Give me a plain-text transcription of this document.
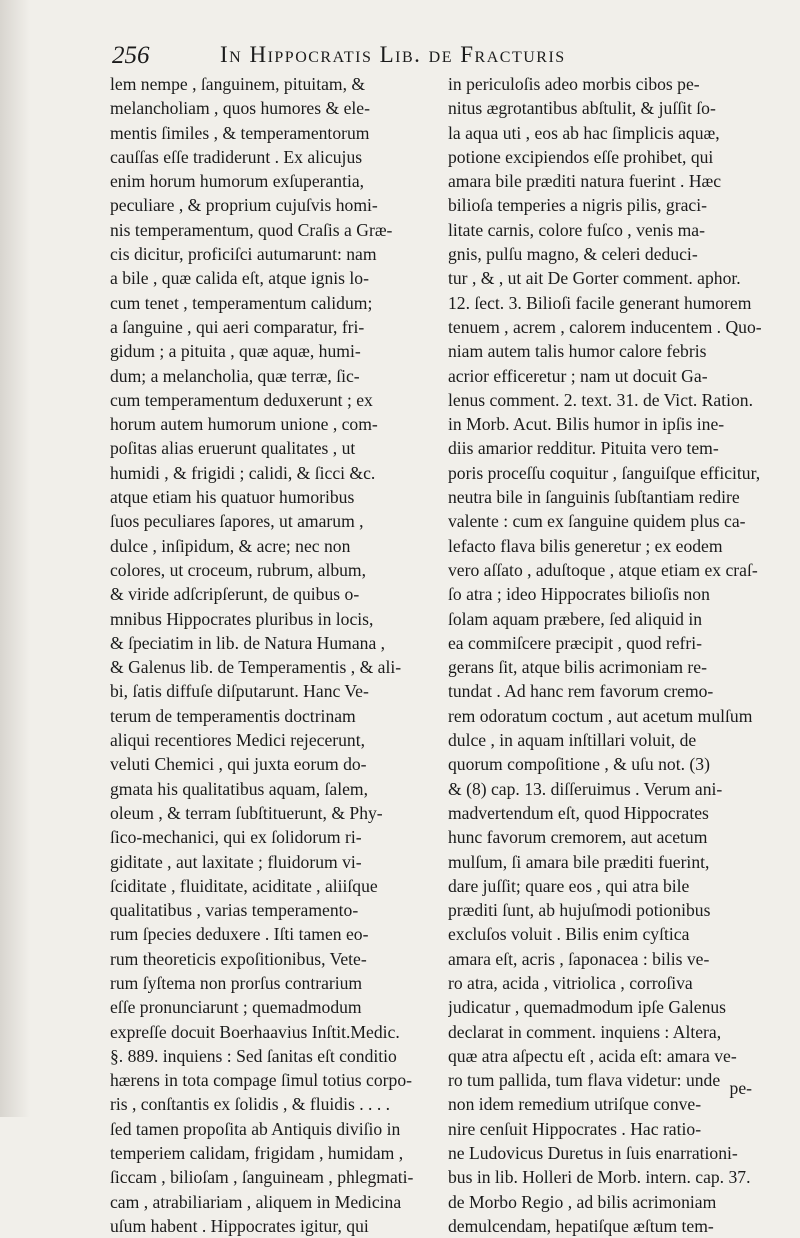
256	In Hippocratis Lib. de Fracturis
lem nempe , ſanguinem, pituitam, &
melancholiam , quos humores & ele-
mentis ſimiles , & temperamentorum
cauſſas eſſe tradiderunt . Ex alicujus
enim horum humorum exſuperantia,
peculiare , & proprium cujuſvis homi-
nis temperamentum, quod Craſis a Græ-
cis dicitur, proficiſci autumarunt: nam
a bile , quæ calida eſt, atque ignis lo-
cum tenet , temperamentum calidum;
a ſanguine , qui aeri comparatur, fri-
gidum ; a pituita , quæ aquæ, humi-
dum; a melancholia, quæ terræ, ſic-
cum temperamentum deduxerunt ; ex
horum autem humorum unione , com-
poſitas alias eruerunt qualitates , ut
humidi , & frigidi ; calidi, & ſicci &c.
atque etiam his quatuor humoribus
ſuos peculiares ſapores, ut amarum ,
dulce , inſipidum, & acre; nec non
colores, ut croceum, rubrum, album,
& viride adſcripſerunt, de quibus o-
mnibus Hippocrates pluribus in locis,
& ſpeciatim in lib. de Natura Humana ,
& Galenus lib. de Temperamentis , & ali-
bi, ſatis diffuſe diſputarunt. Hanc Ve-
terum de temperamentis doctrinam
aliqui recentiores Medici rejecerunt,
veluti Chemici , qui juxta eorum do-
gmata his qualitatibus aquam, ſalem,
oleum , & terram ſubſtituerunt, & Phy-
ſico-mechanici, qui ex ſolidorum ri-
giditate , aut laxitate ; fluidorum vi-
ſciditate , fluiditate, aciditate , aliiſque
qualitatibus , varias temperamento-
rum ſpecies deduxere . Iſti tamen eo-
rum theoreticis expoſitionibus, Vete-
rum ſyſtema non prorſus contrarium
eſſe pronunciarunt ; quemadmodum
expreſſe docuit Boerhaavius Inſtit.Medic.
§. 889. inquiens : Sed ſanitas eſt conditio
hærens in tota compage ſimul totius corpo-
ris , conſtantis ex ſolidis , & fluidis . . . .
ſed tamen propoſita ab Antiquis diviſio in
temperiem calidam, frigidam , humidam ,
ſiccam , bilioſam , ſanguineam , phlegmati-
cam , atrabiliariam , aliquem in Medicina
uſum habent . Hippocrates igitur, qui
in periculoſis adeo morbis cibos pe-
nitus ægrotantibus abſtulit, & juſſit ſo-
la aqua uti , eos ab hac ſimplicis aquæ,
potione excipiendos eſſe prohibet, qui
amara bile præditi natura fuerint . Hæc
bilioſa temperies a nigris pilis, graci-
litate carnis, colore fuſco , venis ma-
gnis, pulſu magno, & celeri deduci-
tur , & , ut ait De Gorter comment. aphor.
12. ſect. 3. Bilioſi facile generant humorem
tenuem , acrem , calorem inducentem . Quo-
niam autem talis humor calore febris
acrior efficeretur ; nam ut docuit Ga-
lenus comment. 2. text. 31. de Vict. Ration.
in Morb. Acut. Bilis humor in ipſis ine-
diis amarior redditur. Pituita vero tem-
poris proceſſu coquitur , ſanguiſque efficitur,
neutra bile in ſanguinis ſubſtantiam redire
valente : cum ex ſanguine quidem plus ca-
lefacto flava bilis generetur ; ex eodem
vero aſſato , aduſtoque , atque etiam ex craſ-
ſo atra ; ideo Hippocrates bilioſis non
ſolam aquam præbere, ſed aliquid in
ea commiſcere præcipit , quod refri-
gerans ſit, atque bilis acrimoniam re-
tundat . Ad hanc rem favorum cremo-
rem odoratum coctum , aut acetum mulſum
dulce , in aquam inſtillari voluit, de
quorum compoſitione , & uſu not. (3)
& (8) cap. 13. diſſeruimus . Verum ani-
madvertendum eſt, quod Hippocrates
hunc favorum cremorem, aut acetum
mulſum, ſi amara bile præditi fuerint,
dare juſſit; quare eos , qui atra bile
præditi ſunt, ab hujuſmodi potionibus
excluſos voluit . Bilis enim cyſtica
amara eſt, acris , ſaponacea : bilis ve-
ro atra, acida , vitriolica , corroſiva
judicatur , quemadmodum ipſe Galenus
declarat in comment. inquiens : Altera,
quæ atra aſpectu eſt , acida eſt: amara ve-
ro tum pallida, tum flava videtur: unde
non idem remedium utriſque conve-
nire cenſuit Hippocrates . Hac ratio-
ne Ludovicus Duretus in ſuis enarrationi-
bus in lib. Holleri de Morb. intern. cap. 37.
de Morbo Regio , ad bilis acrimoniam
demulcendam, hepatiſque æſtum tem-
pe-
